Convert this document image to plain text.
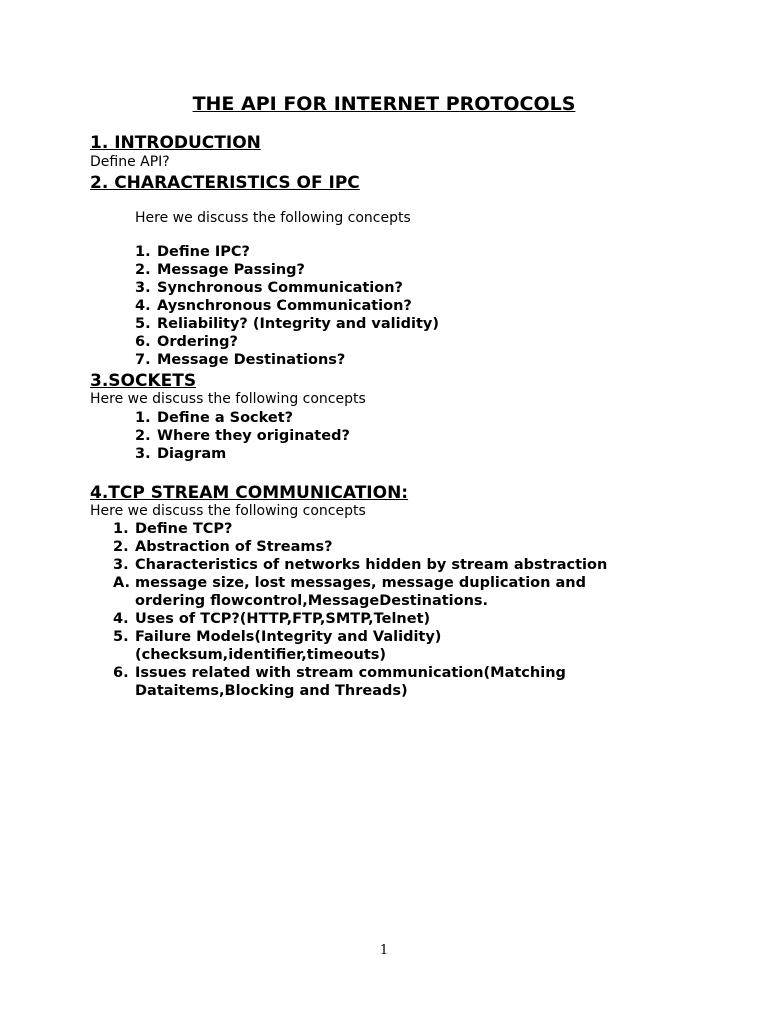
THE API FOR INTERNET PROTOCOLS
1. INTRODUCTION
Define API?
2. CHARACTERISTICS OF IPC
Here we discuss the following concepts
1. Define IPC?
2. Message Passing?
3. Synchronous Communication?
4. Aysnchronous Communication?
5. Reliability? (Integrity and validity)
6. Ordering?
7. Message Destinations?
3.SOCKETS
Here we discuss the following concepts
1. Define a Socket?
2. Where they originated?
3. Diagram
4.TCP STREAM COMMUNICATION:
Here we discuss the following concepts
1. Define TCP?
2. Abstraction of Streams?
3. Characteristics of networks hidden by stream abstraction
A. message size, lost messages, message duplication and ordering flowcontrol,MessageDestinations.
4. Uses of TCP?(HTTP,FTP,SMTP,Telnet)
5. Failure Models(Integrity and Validity) (checksum,identifier,timeouts)
6. Issues related with stream communication(Matching Dataitems,Blocking and Threads)
1
